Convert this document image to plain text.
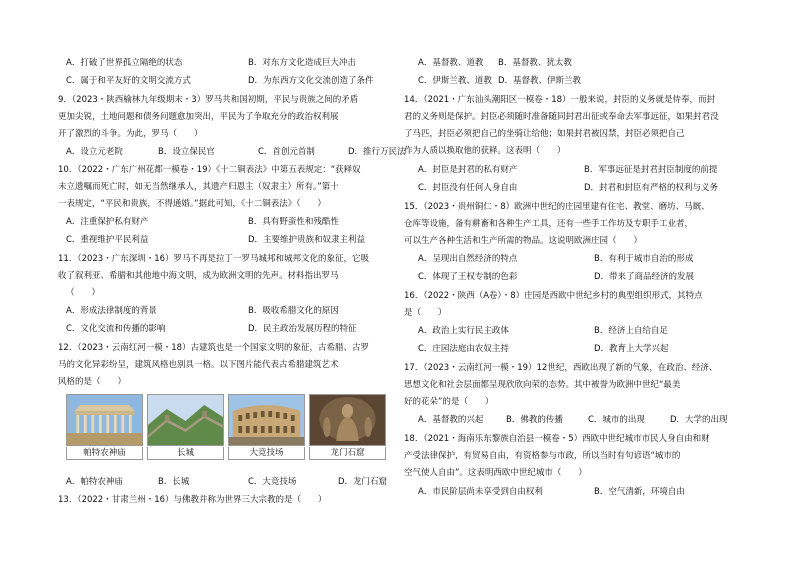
A．打破了世界孤立隔绝的状态	B．对东方文化造成巨大冲击
C．属于和平友好的文明交流方式	D．为东西方文化交流创造了条件
9．（2023・陕西榆林九年级期末・3）罗马共和国初期，平民与贵族之间的矛盾
更加尖锐，土地问题和债务问题愈加突出，平民为了争取充分的政治权利展
开了激烈的斗争。为此，罗马（　　）
A．设立元老院	B．设立保民官	C．首创元首制	D．推行万民法
10．（2022・广东广州花都一模卷・19）《十二铜表法》中第五表规定：“获释奴
未立遗嘱而死亡时，如无当然继承人，其遗产归恩主（奴隶主）所有。”第十
一表规定，“平民和贵族，不得通婚。”据此可知，《十二铜表法》（　　）
A．注重保护私有财产	B．具有野蛮性和残酷性
C．重视维护平民利益	D．主要维护贵族和奴隶主利益
11．（2023・广东深圳・16）罗马不再是拉丁一罗马城邦和城邦文化的象征，它吸
收了叙利亚、希腊和其他地中海文明，成为欧洲文明的先声。材料指出罗马
（　　）
A．形成法律制度的背景	B．吸收希腊文化的原因
C．文化交流和传播的影响	D．民主政治发展历程的特征
12．（2023・云南红河一模・18）古建筑也是一个国家文明的象征，古希腊、古罗
马的文化异彩纷呈，建筑风格也别具一格。以下图片能代表古希腊建筑艺术
风格的是（　　）
帕特农神庙	长城	大竞技场	龙门石窟
A．帕特农神庙	B．长城	C．大竞技场	D．龙门石窟
13．（2022・甘肃兰州・16）与佛教并称为世界三大宗教的是（　　）
A．基督教、道教 B．基督教、犹太教
C．伊斯兰教、道教 D．基督教、伊斯兰教
14．（2021・广东汕头潮阳区一模卷・18）一般来说，封臣的义务就是侍奉，而封
君的义务则是保护。封臣必须随时准备随同封君出征或奉命去军事远征，如果封君没
了马匹，封臣必须把自己的坐骑让给他；如果封君被囚禁，封臣必须把自己
作为人质以换取他的获释。这表明（　　）
A．封臣是封君的私有财产	B．军事远征是封君封臣制度的前提
C．封臣没有任何人身自由	D．封君和封臣有严格的权利与义务
15．（2023・贵州铜仁・8）欧洲中世纪的庄园里建有住宅、教堂、磨坊、马厩、
仓库等设施，备有耕畜和各种生产工具，还有一些手工作坊及专职手工业者，
可以生产各种生活和生产所需的物品。这说明欧洲庄园（　　）
A．呈现出自然经济的特点	B．有利于城市自治的形成
C．体现了王权专制的色彩	D．带来了商品经济的发展
16．（2022・陕西（A卷）・8）庄园是西欧中世纪乡村的典型组织形式，其特点
是（　　）
A．政治上实行民主政体	B．经济上自给自足
C．庄园法庭由农奴主持	D．教育上大学兴起
17．（2023・云南红河一模・19）12世纪，西欧出现了新的气象，在政治、经济、
思想文化和社会层面都呈现欣欣向荣的态势。其中被誉为欧洲中世纪“最美
好的花朵”的是（　　）
A．基督教的兴起	B．佛教的传播	C．城市的出现	D．大学的出现
18．（2021・海南乐东黎族自治县一模卷・5）西欧中世纪城市市民人身自由和财
产受法律保护，有贸易自由，有资格参与市政，所以当时有句谚语“城市的
空气使人自由”。这表明西欧中世纪城市（　　）
A．市民阶层尚未享受到自由权利	B．空气清新，环境自由
